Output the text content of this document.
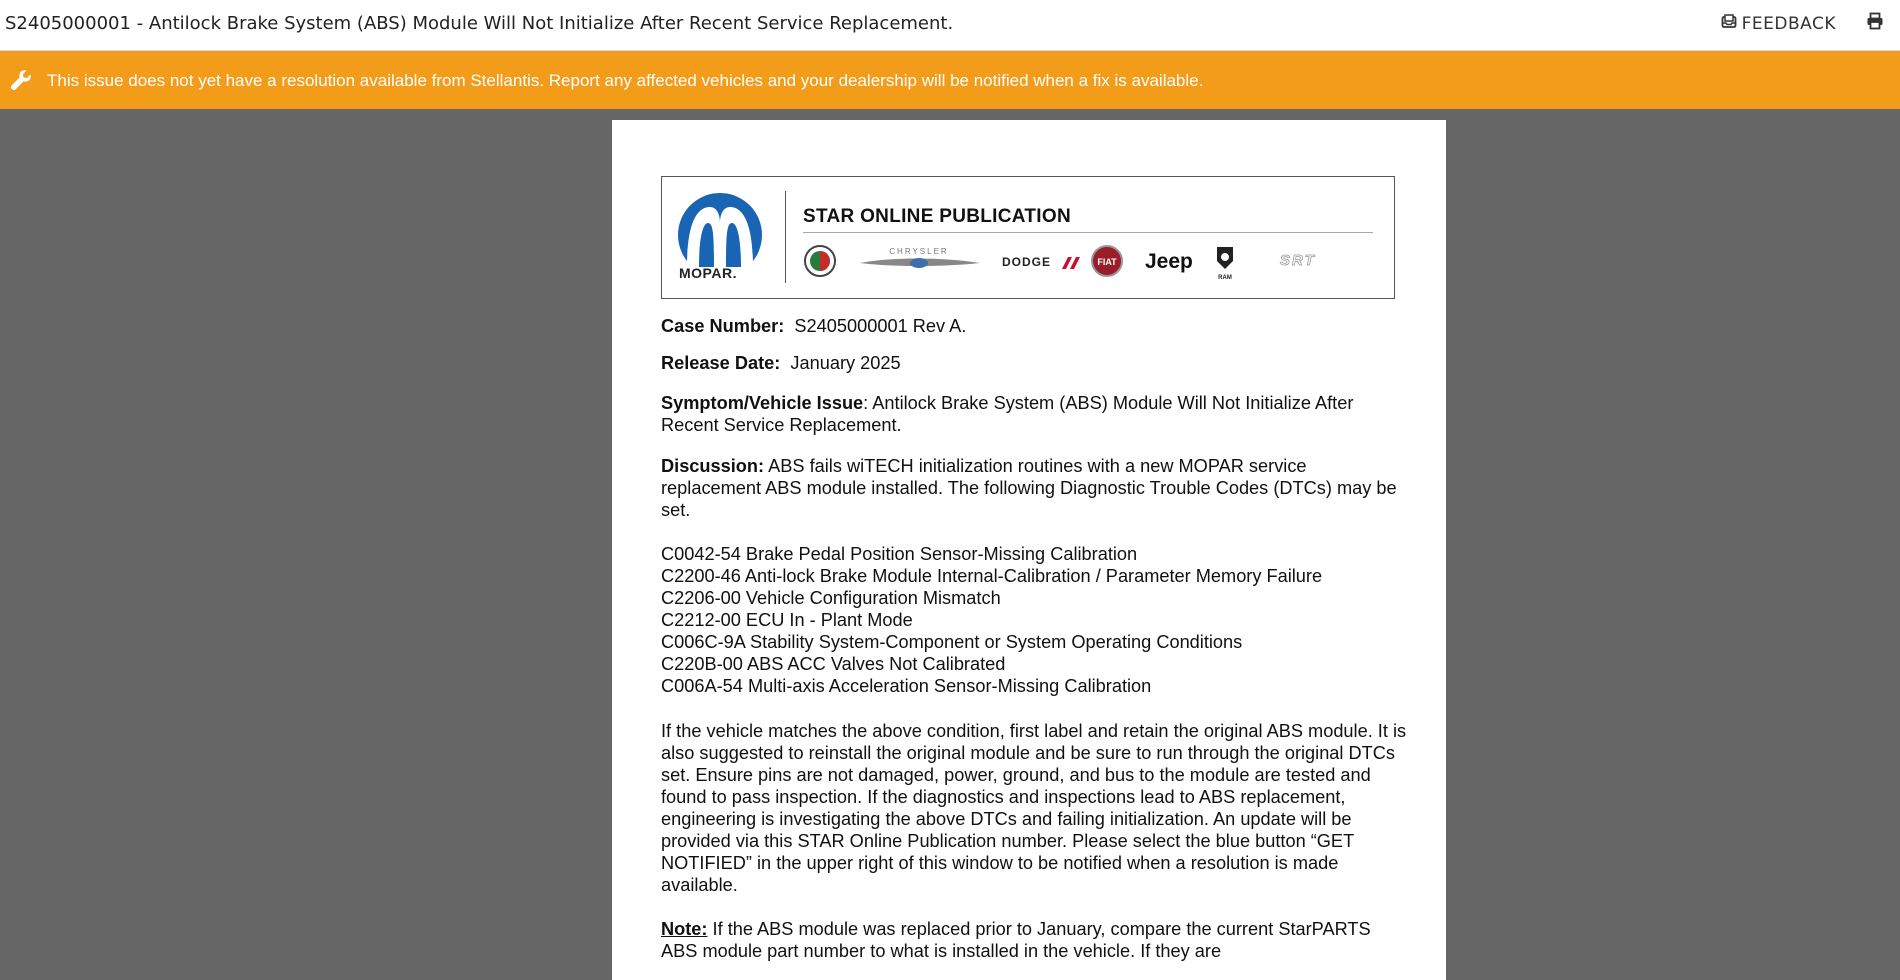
S2405000001 - Antilock Brake System (ABS) Module Will Not Initialize After Recent Service Replacement.	FEEDBACK
This issue does not yet have a resolution available from Stellantis. Report any affected vehicles and your dealership will be notified when a fix is available.
MOPAR.
STAR ONLINE PUBLICATION
CHRYSLER
DODGE	FIAT Jeep
RAM
SRT

Case Number: S2405000001 Rev A.

Release Date: January 2025

Symptom/Vehicle Issue: Antilock Brake System (ABS) Module Will Not Initialize After Recent Service Replacement.

Discussion: ABS fails wiTECH initialization routines with a new MOPAR service replacement ABS module installed. The following Diagnostic Trouble Codes (DTCs) may be set.

C0042-54 Brake Pedal Position Sensor-Missing Calibration
C2200-46 Anti-lock Brake Module Internal-Calibration / Parameter Memory Failure
C2206-00 Vehicle Configuration Mismatch
C2212-00 ECU In - Plant Mode
C006C-9A Stability System-Component or System Operating Conditions
C220B-00 ABS ACC Valves Not Calibrated
C006A-54 Multi-axis Acceleration Sensor-Missing Calibration

If the vehicle matches the above condition, first label and retain the original ABS module. It is also suggested to reinstall the original module and be sure to run through the original DTCs set. Ensure pins are not damaged, power, ground, and bus to the module are tested and found to pass inspection. If the diagnostics and inspections lead to ABS replacement, engineering is investigating the above DTCs and failing initialization. An update will be provided via this STAR Online Publication number. Please select the blue button “GET NOTIFIED” in the upper right of this window to be notified when a resolution is made available.

Note: If the ABS module was replaced prior to January, compare the current StarPARTS ABS module part number to what is installed in the vehicle. If they are
